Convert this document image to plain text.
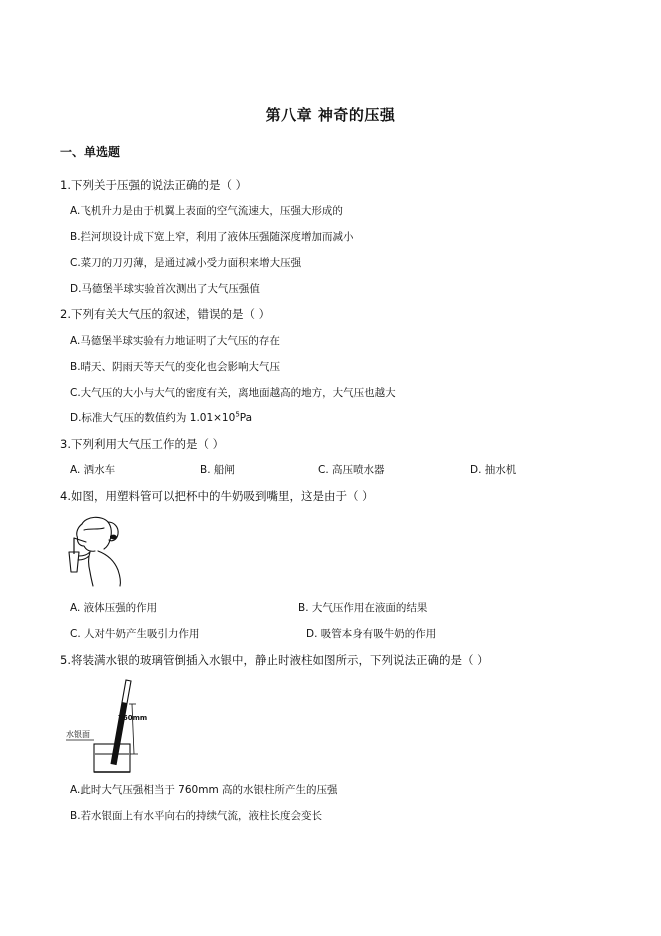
第八章 神奇的压强
一、单选题
1.下列关于压强的说法正确的是（ ）
A.飞机升力是由于机翼上表面的空气流速大，压强大形成的
B.拦河坝设计成下宽上窄，利用了液体压强随深度增加而减小
C.菜刀的刀刃薄，是通过减小受力面积来增大压强
D.马德堡半球实验首次测出了大气压强值
2.下列有关大气压的叙述，错误的是（ ）
A.马德堡半球实验有力地证明了大气压的存在
B.晴天、阴雨天等天气的变化也会影响大气压
C.大气压的大小与大气的密度有关，离地面越高的地方，大气压也越大
D.标准大气压的数值约为 $1.01\times 10^5Pa$
3.下列利用大气压工作的是（ ）
A. 洒水车	B. 船闸	C. 高压喷水器	D. 抽水机
4.如图，用塑料管可以把杯中的牛奶吸到嘴里，这是由于（ ）
A. 液体压强的作用	B. 大气压作用在液面的结果
C. 人对牛奶产生吸引力作用	D. 吸管本身有吸牛奶的作用
5.将装满水银的玻璃管倒插入水银中，静止时液柱如图所示，下列说法正确的是（ ）
760mm
水银面
A.此时大气压强相当于 760mm 高的水银柱所产生的压强
B.若水银面上有水平向右的持续气流，液柱长度会变长
